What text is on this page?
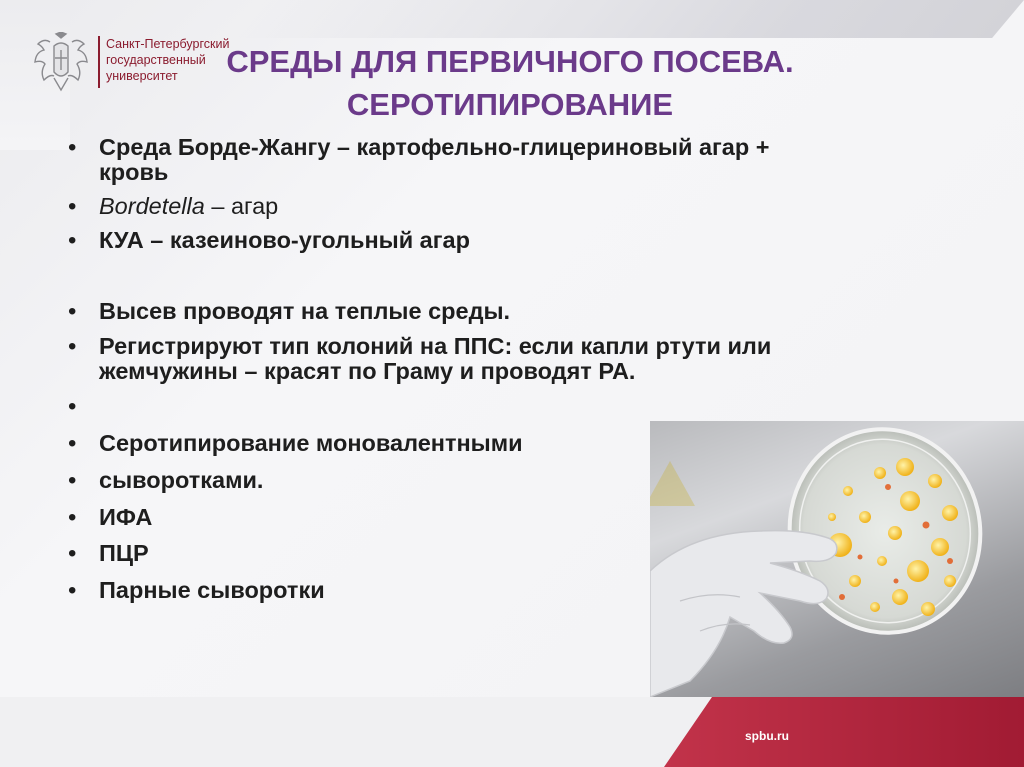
Санкт-Петербургский
государственный
университет	СРЕДЫ ДЛЯ ПЕРВИЧНОГО ПОСЕВА.
СЕРОТИПИРОВАНИЕ
• Среда Борде-Жангу – картофельно-глицериновый агар +
кровь
• Bordetella – агар
• КУА – казеиново-угольный агар
• Высев проводят на теплые среды.
• Регистрируют тип колоний на ППС: если капли ртути или
жемчужины – красят по Граму и проводят РА.
•
• Серотипирование моновалентными
• сыворотками.
• ИФА
• ПЦР
• Парные сыворотки
spbu.ru
